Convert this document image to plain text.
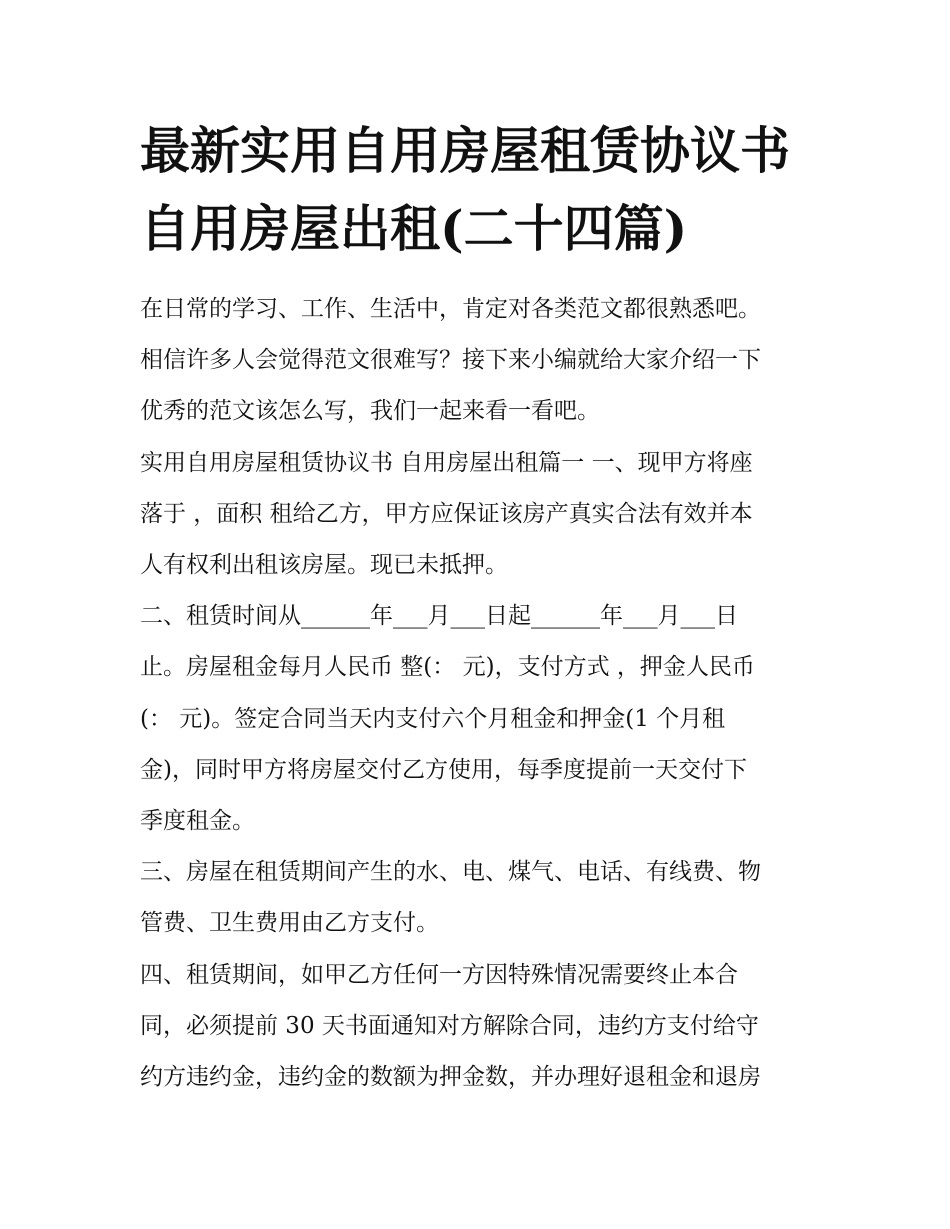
最新实用自用房屋租赁协议书
自用房屋出租(二十四篇)
在日常的学习、工作、生活中，肯定对各类范文都很熟悉吧。
相信许多人会觉得范文很难写？接下来小编就给大家介绍一下
优秀的范文该怎么写，我们一起来看一看吧。
实用自用房屋租赁协议书 自用房屋出租篇一 一、现甲方将座
落于 ，面积 租给乙方，甲方应保证该房产真实合法有效并本
人有权利出租该房屋。现已未抵押。
二、租赁时间从______年___月___日起______年___月___日
止。房屋租金每月人民币 整(： 元)，支付方式 ，押金人民币
(： 元)。签定合同当天内支付六个月租金和押金(1 个月租
金)，同时甲方将房屋交付乙方使用，每季度提前一天交付下
季度租金。
三、房屋在租赁期间产生的水、电、煤气、电话、有线费、物
管费、卫生费用由乙方支付。
四、租赁期间，如甲乙方任何一方因特殊情况需要终止本合
同，必须提前 30 天书面通知对方解除合同，违约方支付给守
约方违约金，违约金的数额为押金数，并办理好退租金和退房
